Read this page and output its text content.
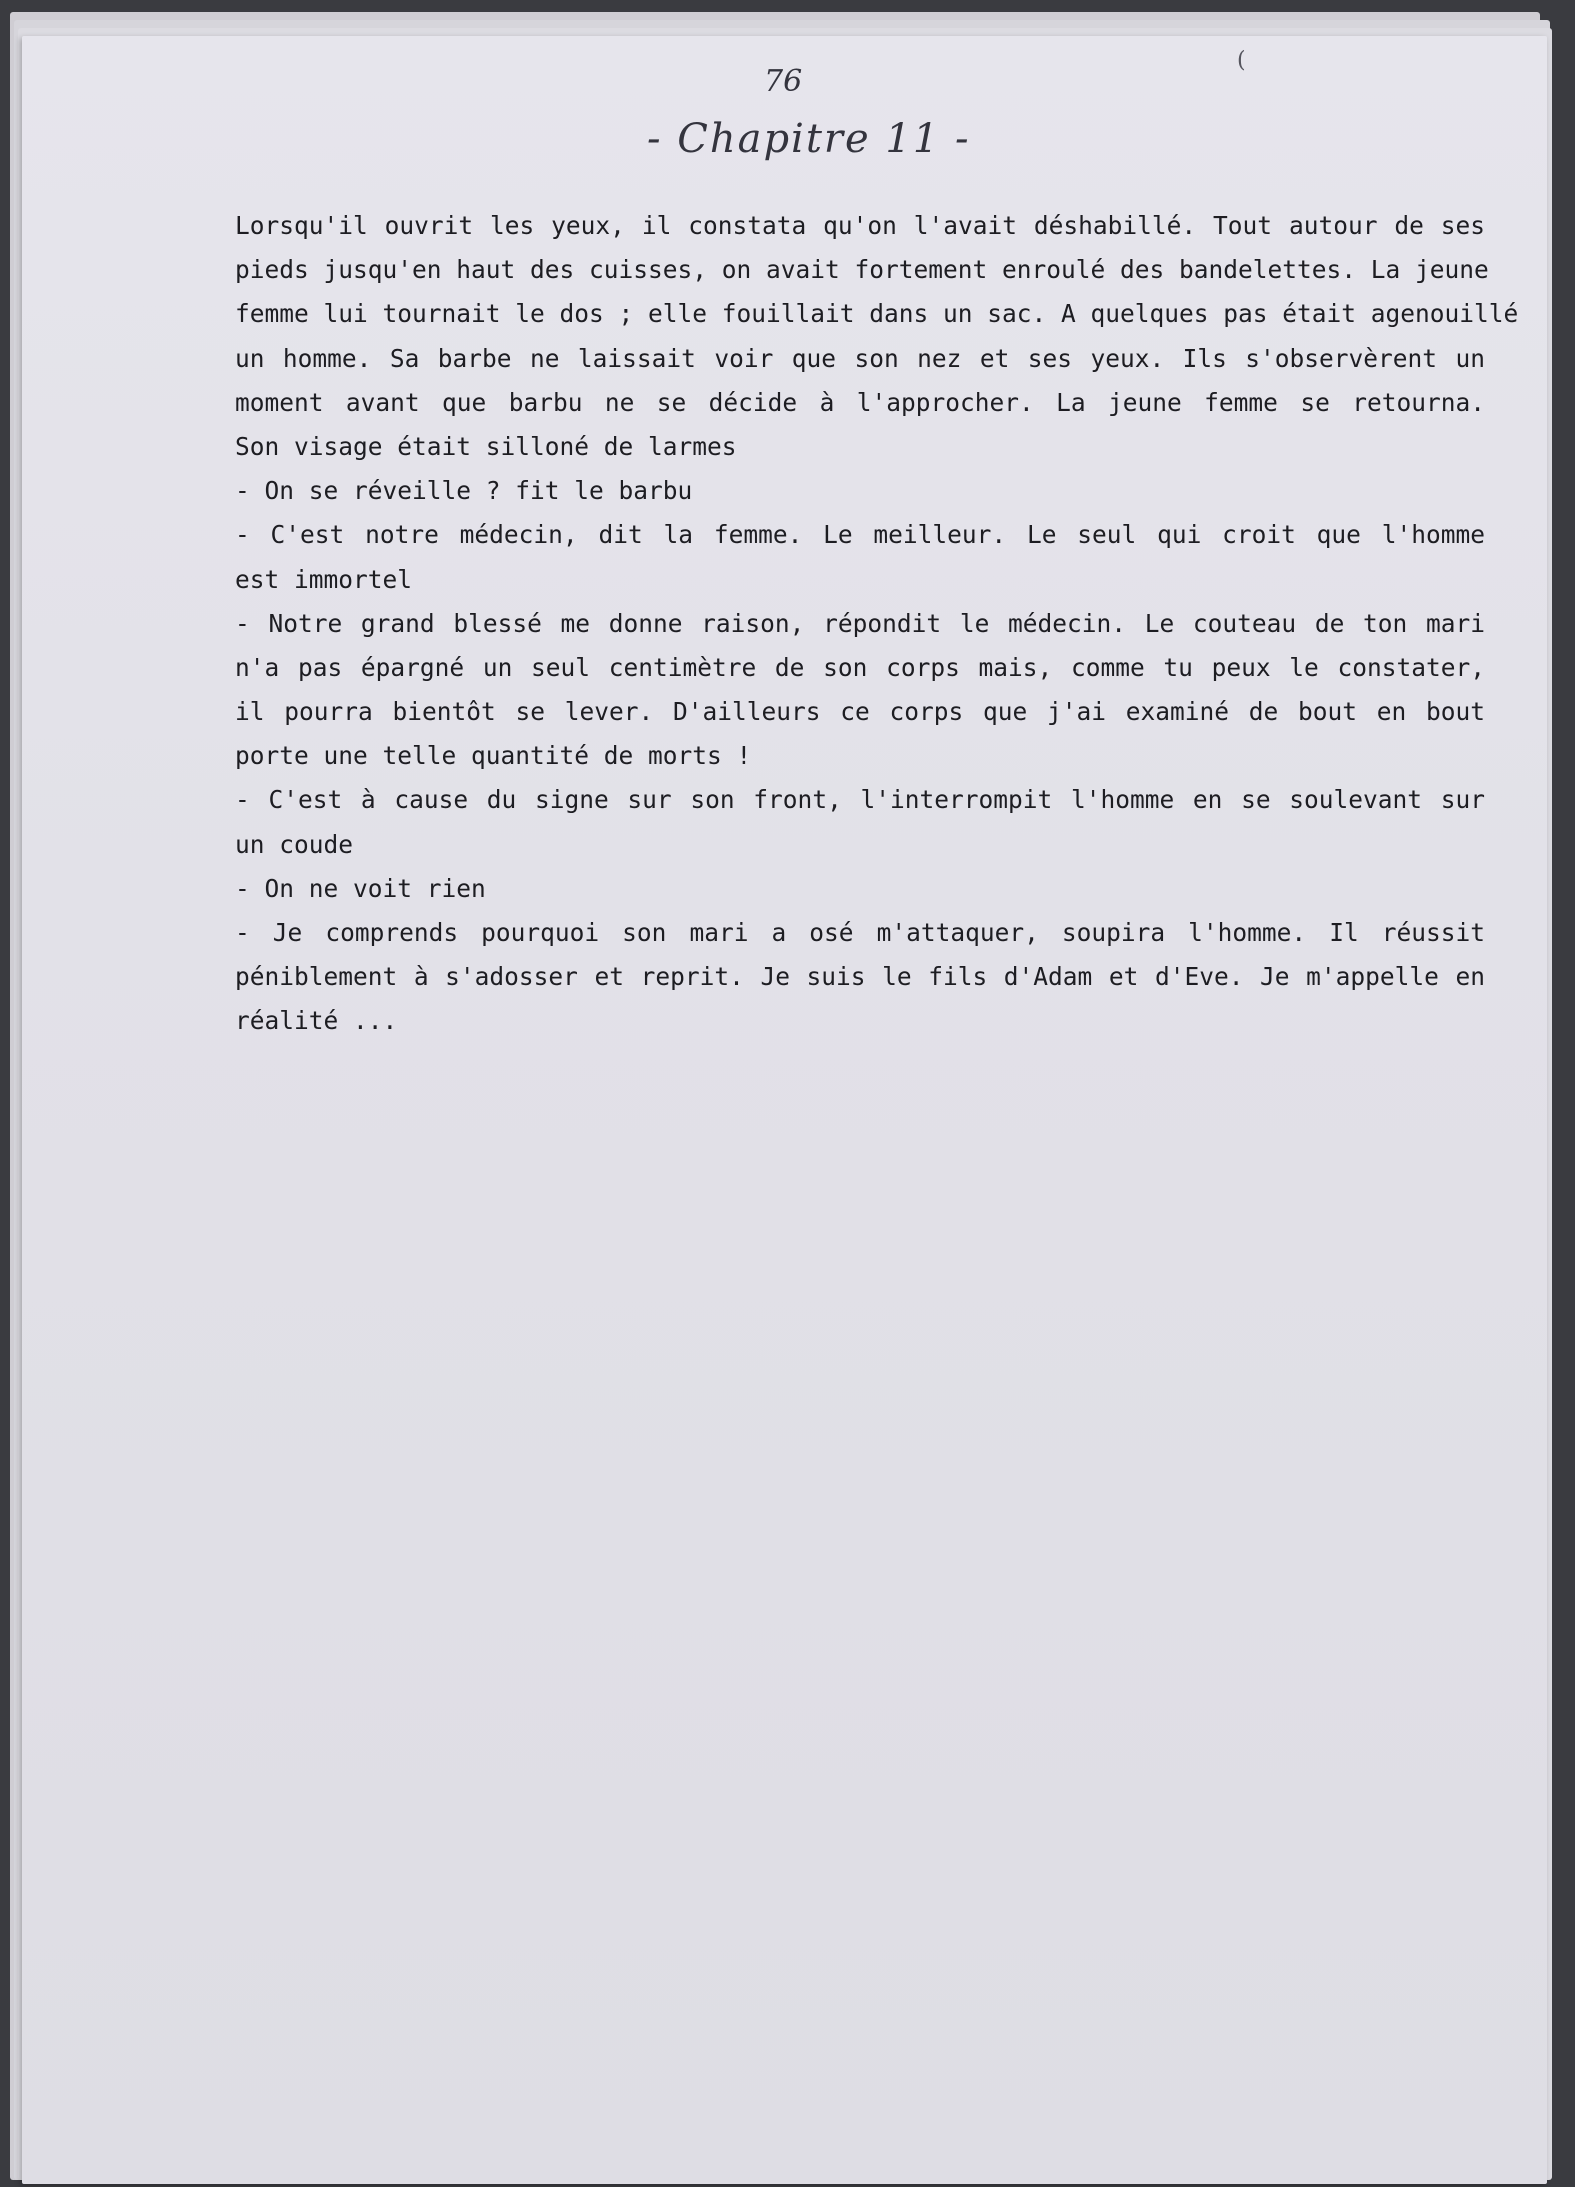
76
- Chapitre 11 -
(
Lorsqu'il ouvrit les yeux, il constata qu'on l'avait déshabillé. Tout autour de ses
pieds jusqu'en haut des cuisses, on avait fortement enroulé des bandelettes. La jeune
femme lui tournait le dos ; elle fouillait dans un sac. A quelques pas était agenouillé
un homme. Sa barbe ne laissait voir que son nez et ses yeux. Ils s'observèrent un
moment avant que barbu ne se décide à l'approcher. La jeune femme se retourna.
Son visage était silloné de larmes
- On se réveille ? fit le barbu
- C'est notre médecin, dit la femme. Le meilleur. Le seul qui croit que l'homme
est immortel
- Notre grand blessé me donne raison, répondit le médecin. Le couteau de ton mari
n'a pas épargné un seul centimètre de son corps mais, comme tu peux le constater,
il pourra bientôt se lever. D'ailleurs ce corps que j'ai examiné de bout en bout
porte une telle quantité de morts !
- C'est à cause du signe sur son front, l'interrompit l'homme en se soulevant sur
un coude
- On ne voit rien
- Je comprends pourquoi son mari a osé m'attaquer, soupira l'homme. Il réussit
péniblement à s'adosser et reprit. Je suis le fils d'Adam et d'Eve. Je m'appelle en
réalité ...
